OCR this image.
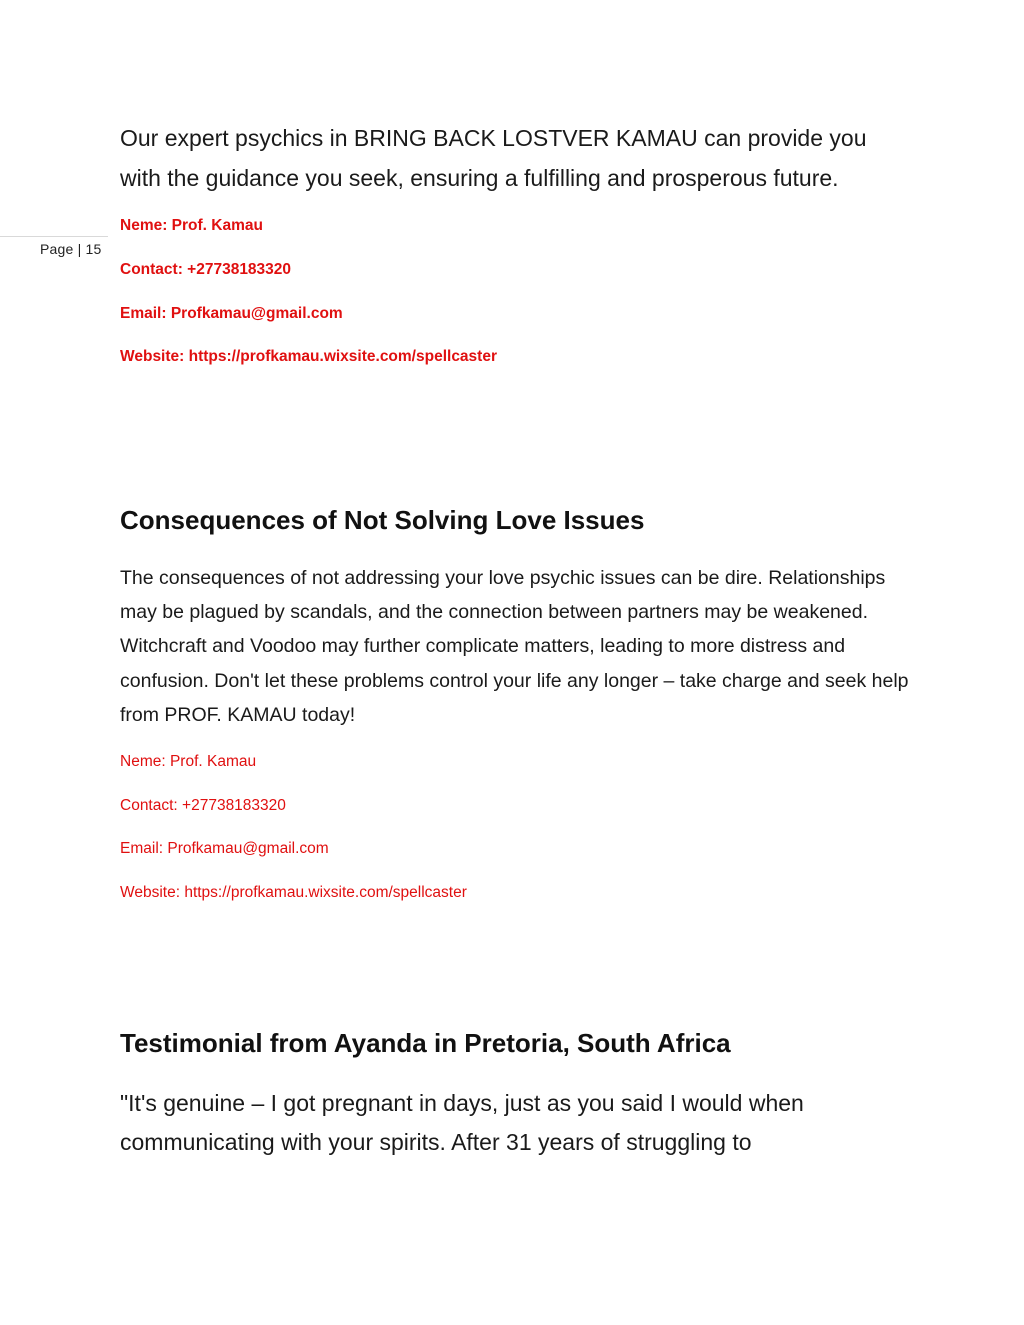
Page | 15
Our expert psychics in BRING BACK LOSTVER KAMAU can provide you with the guidance you seek, ensuring a fulfilling and prosperous future.
Neme: Prof. Kamau
Contact: +27738183320
Email: Profkamau@gmail.com
Website: https://profkamau.wixsite.com/spellcaster
Consequences of Not Solving Love Issues
The consequences of not addressing your love psychic issues can be dire. Relationships may be plagued by scandals, and the connection between partners may be weakened. Witchcraft and Voodoo may further complicate matters, leading to more distress and confusion. Don't let these problems control your life any longer – take charge and seek help from PROF. KAMAU today!
Neme: Prof. Kamau
Contact: +27738183320
Email: Profkamau@gmail.com
Website: https://profkamau.wixsite.com/spellcaster
Testimonial from Ayanda in Pretoria, South Africa
"It's genuine – I got pregnant in days, just as you said I would when communicating with your spirits. After 31 years of struggling to
